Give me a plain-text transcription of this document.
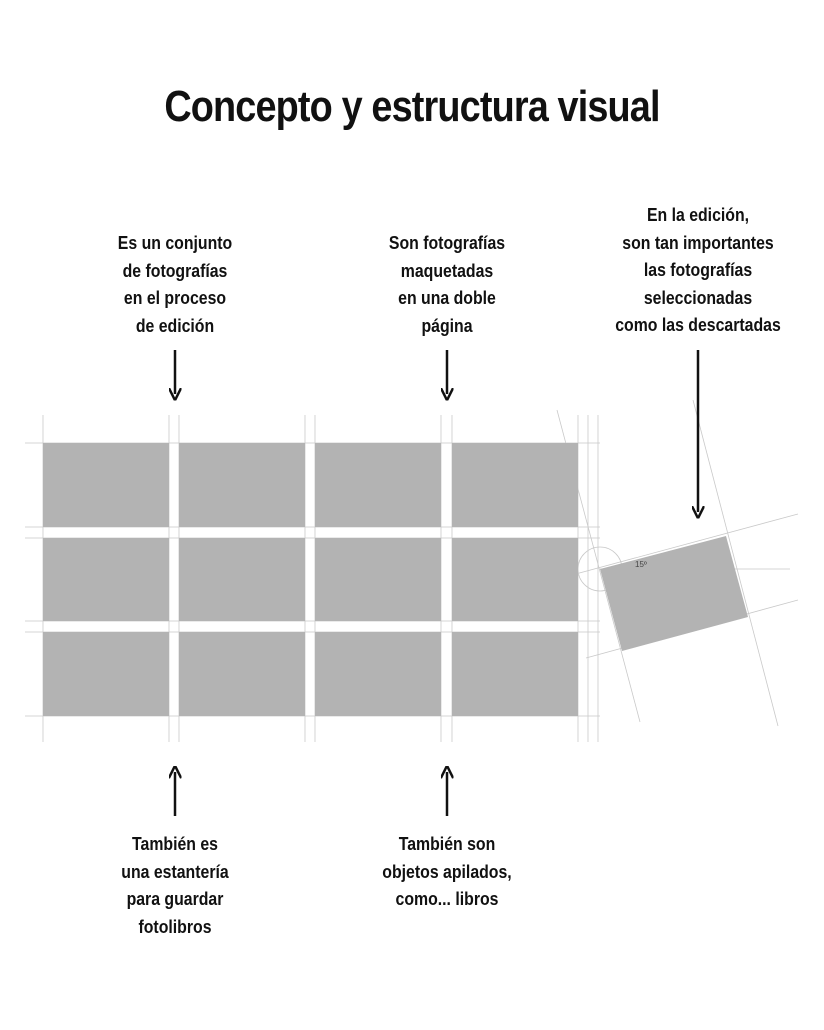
Concepto y estructura visual
Es un conjunto
de fotografías
en el proceso
de edición
Son fotografías
maquetadas
en una doble
página
En la edición,
son tan importantes
las fotografías
seleccionadas
como las descartadas
También es
una estantería
para guardar
fotolibros
También son
objetos apilados,
como... libros
15º
